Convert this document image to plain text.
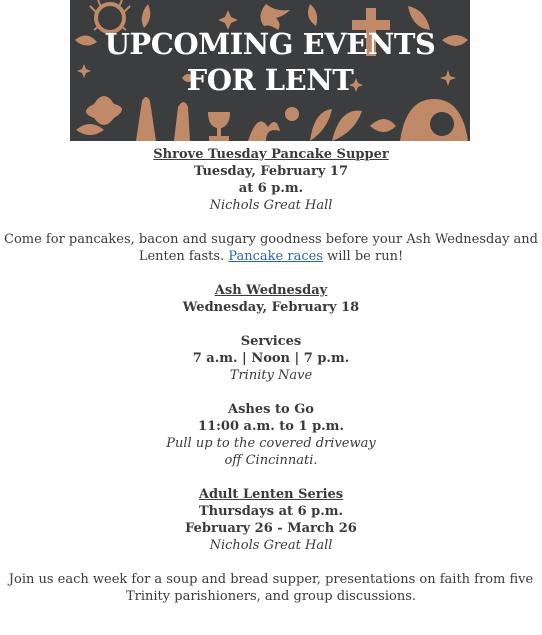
UPCOMING EVENTS
FOR LENT
Shrove Tuesday Pancake Supper
Tuesday, February 17
at 6 p.m.
Nichols Great Hall
Come for pancakes, bacon and sugary goodness before your Ash Wednesday and
Lenten fasts. Pancake races will be run!
Ash Wednesday
Wednesday, February 18
Services
7 a.m. | Noon | 7 p.m.
Trinity Nave
Ashes to Go
11:00 a.m. to 1 p.m.
Pull up to the covered driveway
off Cincinnati.
Adult Lenten Series
Thursdays at 6 p.m.
February 26 - March 26
Nichols Great Hall
Join us each week for a soup and bread supper, presentations on faith from five
Trinity parishioners, and group discussions.
